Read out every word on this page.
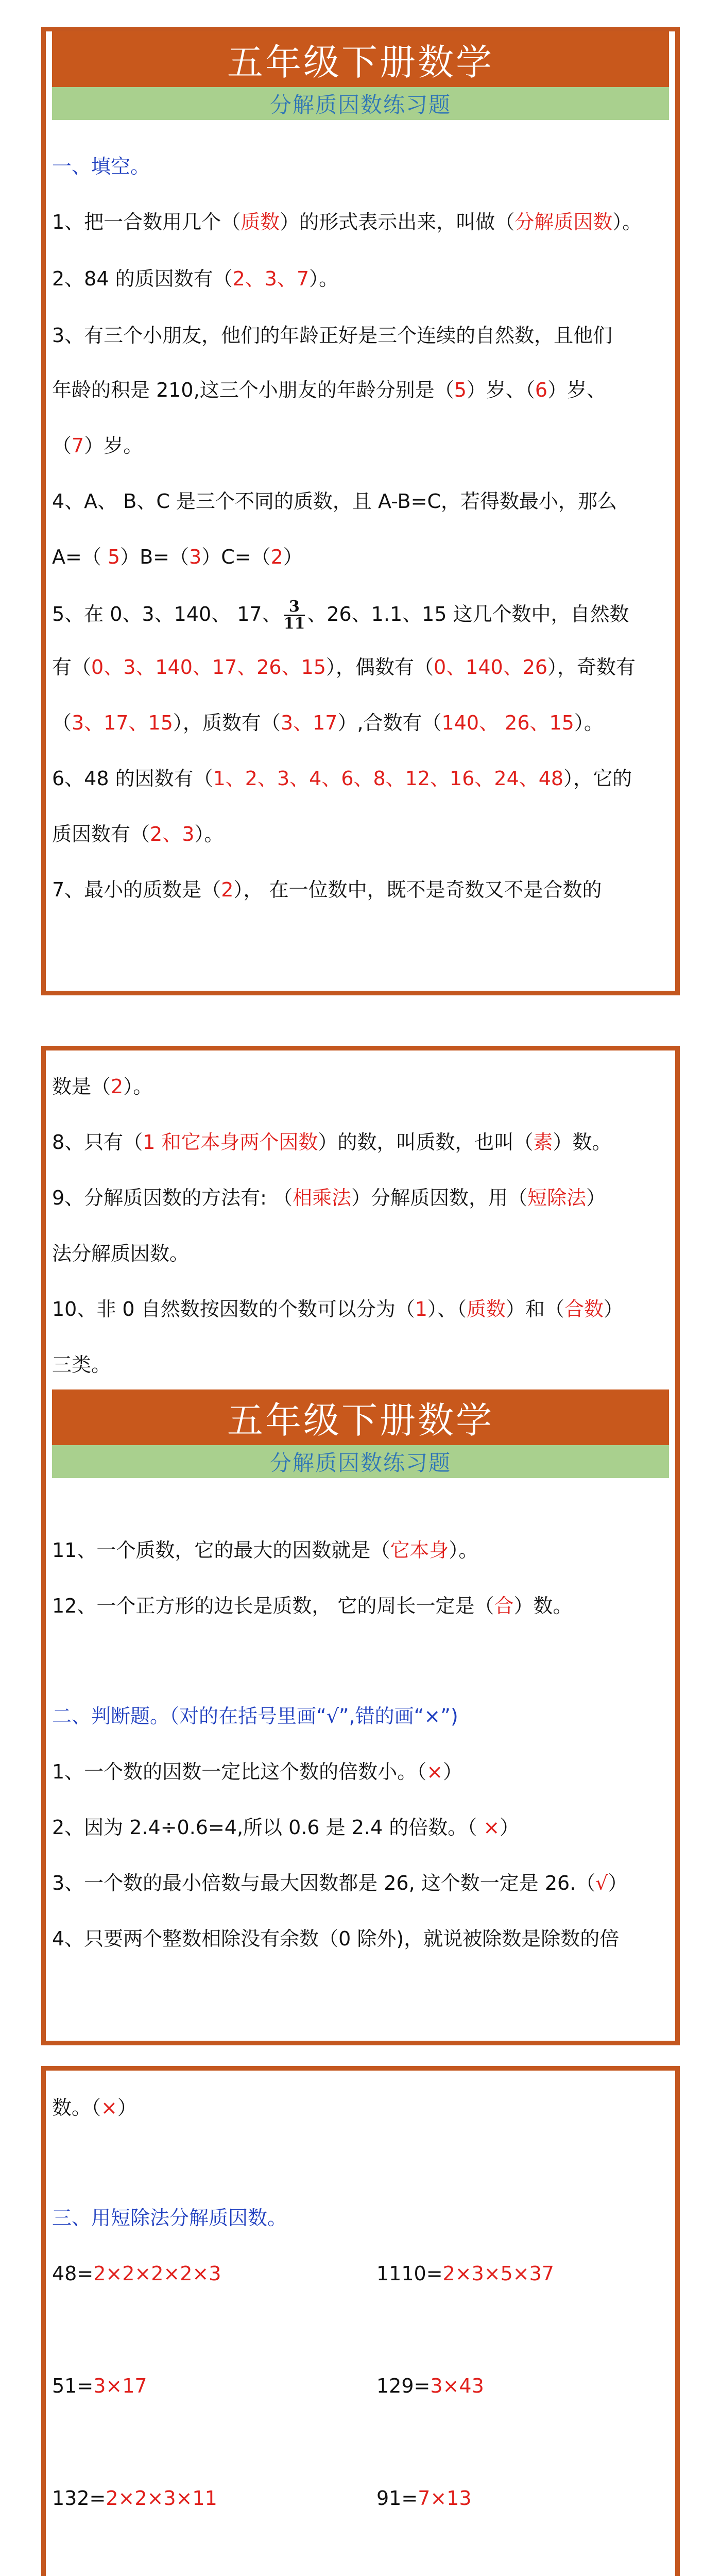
五年级下册数学
分解质因数练习题
一、填空。
1、把一合数用几个（质数）的形式表示出来，叫做（分解质因数）。
2、84 的质因数有（2、3、7）。
3、有三个小朋友，他们的年龄正好是三个连续的自然数，且他们
年龄的积是 210,这三个小朋友的年龄分别是（5）岁、（6）岁、
（7）岁。
4、A、 B、C 是三个不同的质数，且 A-B=C，若得数最小，那么
A=（ 5）B=（3）C=（2）
5、在 0、3、140、 17、 $\frac{3}{11}$ 、26、1.1、15 这几个数中，自然数
有（0、3、140、17、26、15），偶数有（0、140、26），奇数有
（3、17、15），质数有（3、17）,合数有（140、 26、15）。
6、48 的因数有（1、2、3、4、6、8、12、16、24、48），它的
质因数有（2、3）。
7、最小的质数是（2）， 在一位数中，既不是奇数又不是合数的
数是（2）。
8、只有（1 和它本身两个因数）的数，叫质数，也叫（素）数。
9、分解质因数的方法有: （相乘法）分解质因数，用（短除法）
法分解质因数。
10、非 0 自然数按因数的个数可以分为（1）、（质数）和（合数）
三类。
五年级下册数学
分解质因数练习题
11、一个质数，它的最大的因数就是（它本身）。
12、一个正方形的边长是质数， 它的周长一定是（合）数。
二、判断题。（对的在括号里画“√”,错的画“×”)
1、一个数的因数一定比这个数的倍数小。（×）
2、因为 2.4÷0.6=4,所以 0.6 是 2.4 的倍数。（ ×）
3、一个数的最小倍数与最大因数都是 26, 这个数一定是 26.（√）
4、只要两个整数相除没有余数（0 除外)，就说被除数是除数的倍
数。（×）
三、用短除法分解质因数。
48=2×2×2×2×3	1110=2×3×5×37
51=3×17	129=3×43
132=2×2×3×11	91=7×13
